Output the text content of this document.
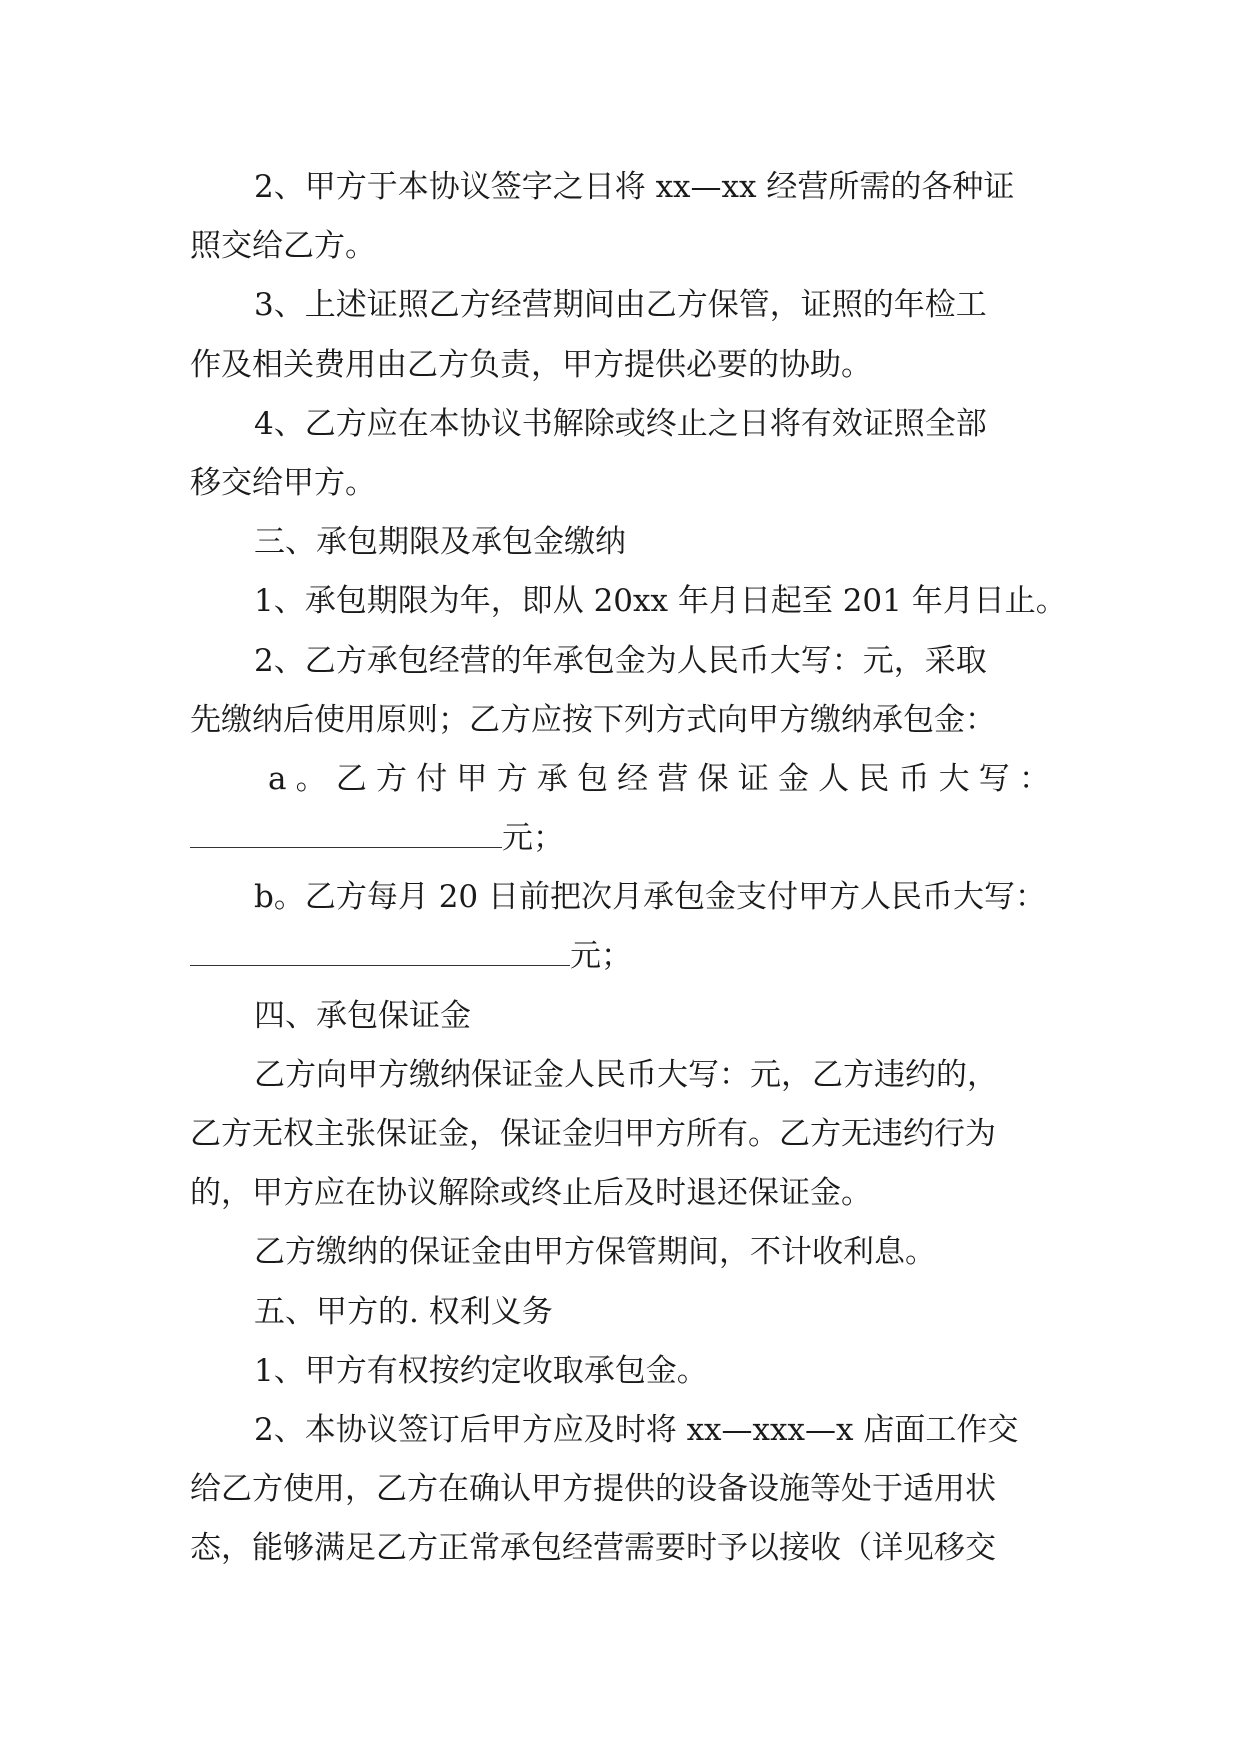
2、甲方于本协议签字之日将 xx—xx 经营所需的各种证
照交给乙方。
3、上述证照乙方经营期间由乙方保管，证照的年检工
作及相关费用由乙方负责，甲方提供必要的协助。
4、乙方应在本协议书解除或终止之日将有效证照全部
移交给甲方。
三、承包期限及承包金缴纳
1、承包期限为年，即从 20xx 年月日起至 201 年月日止。
2、乙方承包经营的年承包金为人民币大写：元，采取
先缴纳后使用原则；乙方应按下列方式向甲方缴纳承包金：
a。乙方付甲方承包经营保证金人民币大写：
元；
b。乙方每月 20 日前把次月承包金支付甲方人民币大写：
元；
四、承包保证金
乙方向甲方缴纳保证金人民币大写：元，乙方违约的，
乙方无权主张保证金，保证金归甲方所有。乙方无违约行为
的，甲方应在协议解除或终止后及时退还保证金。
乙方缴纳的保证金由甲方保管期间，不计收利息。
五、甲方的. 权利义务
1、甲方有权按约定收取承包金。
2、本协议签订后甲方应及时将 xx—xxx—x 店面工作交
给乙方使用，乙方在确认甲方提供的设备设施等处于适用状
态，能够满足乙方正常承包经营需要时予以接收（详见移交
